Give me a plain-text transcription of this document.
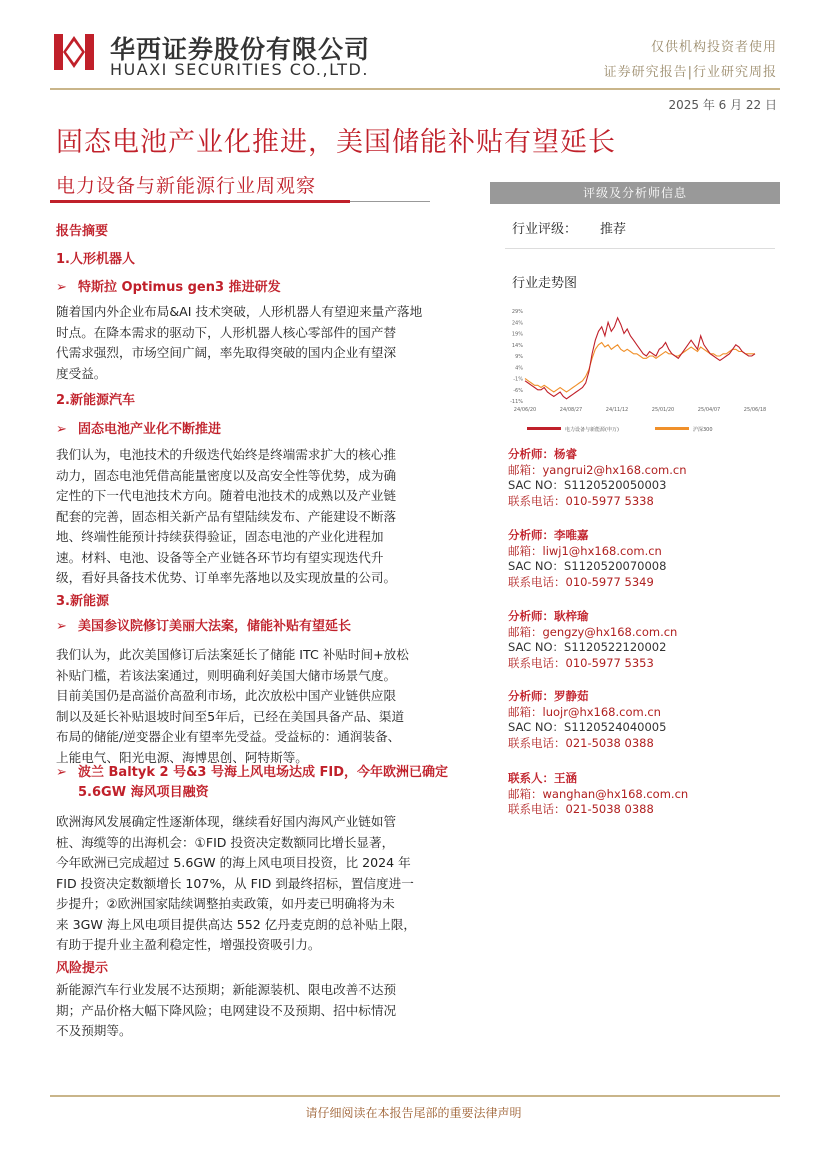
华西证券股份有限公司
HUAXI SECURITIES CO.,LTD.
仅供机构投资者使用
证券研究报告|行业研究周报
2025 年 6 月 22 日
固态电池产业化推进，美国储能补贴有望延长
电力设备与新能源行业周观察
报告摘要
1.人形机器人
➢ 特斯拉 Optimus gen3 推进研发
随着国内外企业布局&AI 技术突破，人形机器人有望迎来量产落地
时点。在降本需求的驱动下，人形机器人核心零部件的国产替
代需求强烈，市场空间广阔，率先取得突破的国内企业有望深
度受益。
2.新能源汽车
➢ 固态电池产业化不断推进
我们认为，电池技术的升级迭代始终是终端需求扩大的核心推
动力，固态电池凭借高能量密度以及高安全性等优势，成为确
定性的下一代电池技术方向。随着电池技术的成熟以及产业链
配套的完善，固态相关新产品有望陆续发布、产能建设不断落
地、终端性能预计持续获得验证，固态电池的产业化进程加
速。材料、电池、设备等全产业链各环节均有望实现迭代升
级，看好具备技术优势、订单率先落地以及实现放量的公司。
3.新能源
➢ 美国参议院修订美丽大法案，储能补贴有望延长
我们认为，此次美国修订后法案延长了储能 ITC 补贴时间+放松
补贴门槛，若该法案通过，则明确利好美国大储市场景气度。
目前美国仍是高溢价高盈利市场，此次放松中国产业链供应限
制以及延长补贴退坡时间至5年后，已经在美国具备产品、渠道
布局的储能/逆变器企业有望率先受益。受益标的：通润装备、
上能电气、阳光电源、海博思创、阿特斯等。
➢ 波兰 Baltyk 2 号&3 号海上风电场达成 FID，今年欧洲已确定
5.6GW 海风项目融资
欧洲海风发展确定性逐渐体现，继续看好国内海风产业链如管
桩、海缆等的出海机会：①FID 投资决定数额同比增长显著，
今年欧洲已完成超过 5.6GW 的海上风电项目投资，比 2024 年
FID 投资决定数额增长 107%，从 FID 到最终招标，置信度进一
步提升；②欧洲国家陆续调整拍卖政策，如丹麦已明确将为未
来 3GW 海上风电项目提供高达 552 亿丹麦克朗的总补贴上限，
有助于提升业主盈利稳定性，增强投资吸引力。
风险提示
新能源汽车行业发展不达预期；新能源装机、限电改善不达预
期；产品价格大幅下降风险；电网建设不及预期、招中标情况
不及预期等。
评级及分析师信息
行业评级： 推荐
行业走势图
29%
24%
19%
14%
9%
4%
-1%
-6%
-11%
24/06/20	24/08/27	24/11/12	25/01/20	25/04/07	25/06/18
电力设备与新能源(申万)	沪深300
分析师：杨睿
邮箱：yangrui2@hx168.com.cn
SAC NO：S1120520050003
联系电话：010-5977 5338
分析师：李唯嘉
邮箱：liwj1@hx168.com.cn
SAC NO：S1120520070008
联系电话：010-5977 5349
分析师：耿梓瑜
邮箱：gengzy@hx168.com.cn
SAC NO：S1120522120002
联系电话：010-5977 5353
分析师：罗静茹
邮箱：luojr@hx168.com.cn
SAC NO：S1120524040005
联系电话：021-5038 0388
联系人：王涵
邮箱：wanghan@hx168.com.cn
联系电话：021-5038 0388
请仔细阅读在本报告尾部的重要法律声明
